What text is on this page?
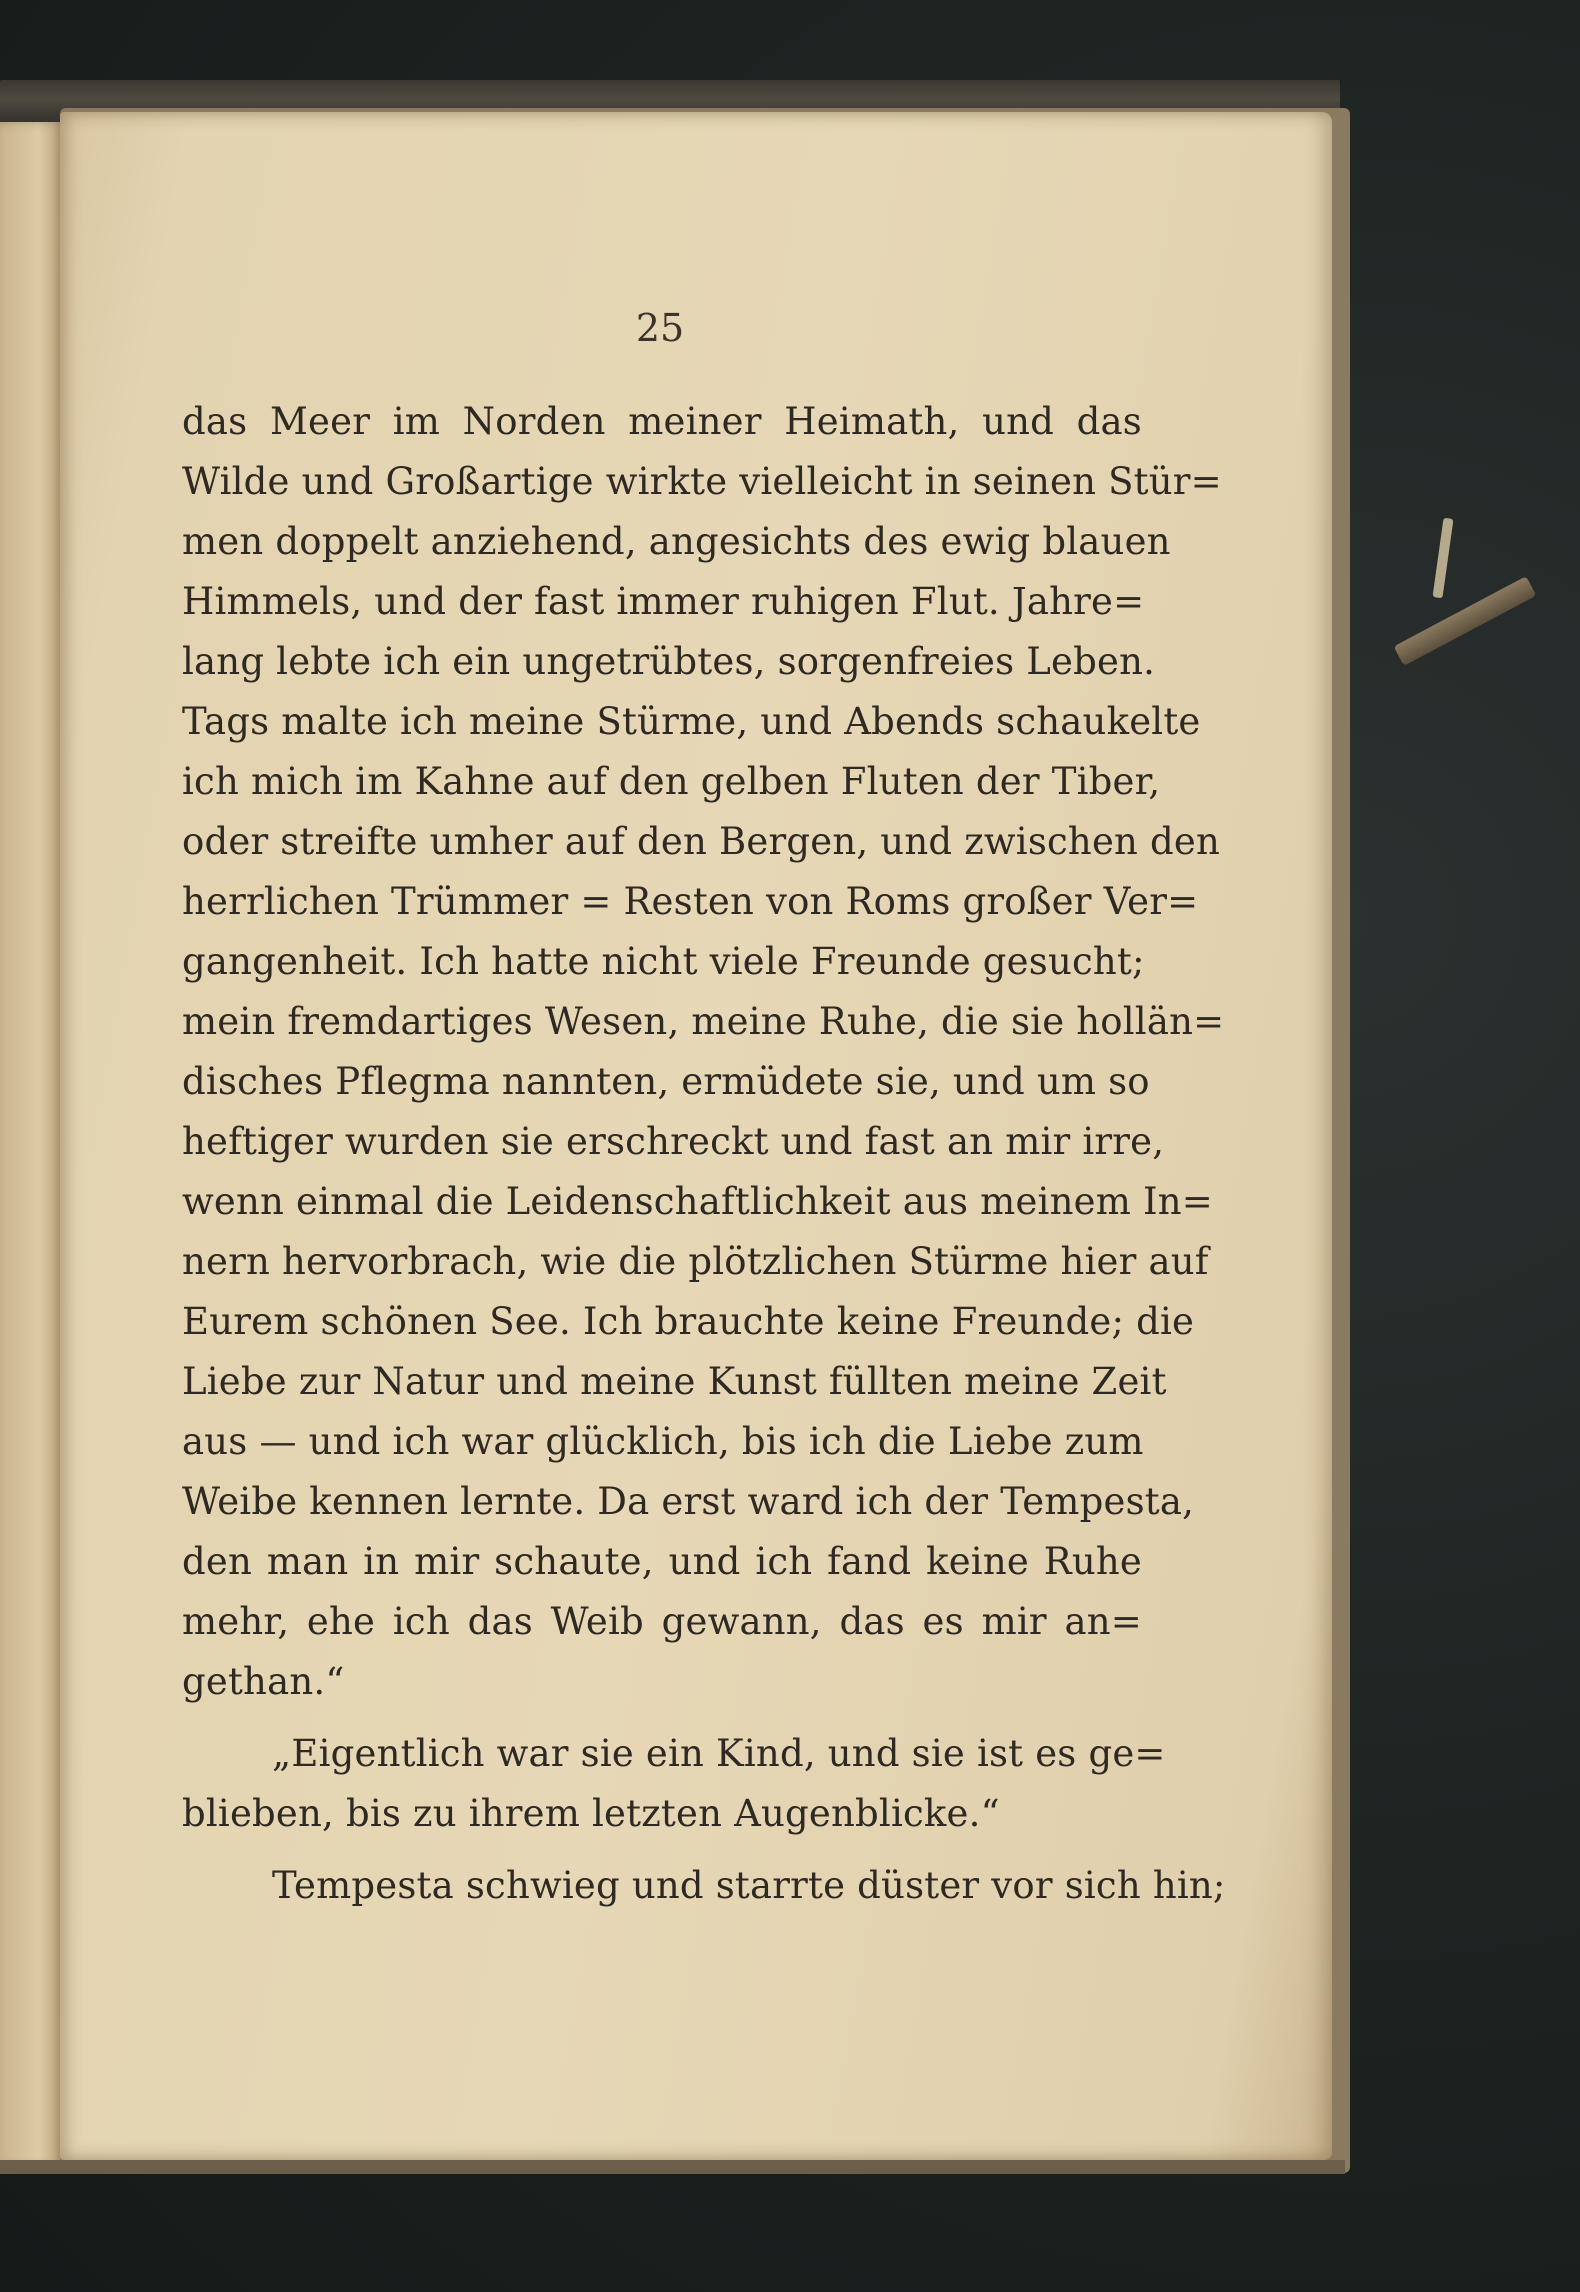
25
das Meer im Norden meiner Heimath, und das
Wilde und Großartige wirkte vielleicht in seinen Stür=
men doppelt anziehend, angesichts des ewig blauen
Himmels, und der fast immer ruhigen Flut. Jahre=
lang lebte ich ein ungetrübtes, sorgenfreies Leben.
Tags malte ich meine Stürme, und Abends schaukelte
ich mich im Kahne auf den gelben Fluten der Tiber,
oder streifte umher auf den Bergen, und zwischen den
herrlichen Trümmer = Resten von Roms großer Ver=
gangenheit. Ich hatte nicht viele Freunde gesucht;
mein fremdartiges Wesen, meine Ruhe, die sie hollän=
disches Pflegma nannten, ermüdete sie, und um so
heftiger wurden sie erschreckt und fast an mir irre,
wenn einmal die Leidenschaftlichkeit aus meinem In=
nern hervorbrach, wie die plötzlichen Stürme hier auf
Eurem schönen See. Ich brauchte keine Freunde; die
Liebe zur Natur und meine Kunst füllten meine Zeit
aus — und ich war glücklich, bis ich die Liebe zum
Weibe kennen lernte. Da erst ward ich der Tempesta,
den man in mir schaute, und ich fand keine Ruhe
mehr, ehe ich das Weib gewann, das es mir an=
gethan.“
„Eigentlich war sie ein Kind, und sie ist es ge=
blieben, bis zu ihrem letzten Augenblicke.“
Tempesta schwieg und starrte düster vor sich hin;
